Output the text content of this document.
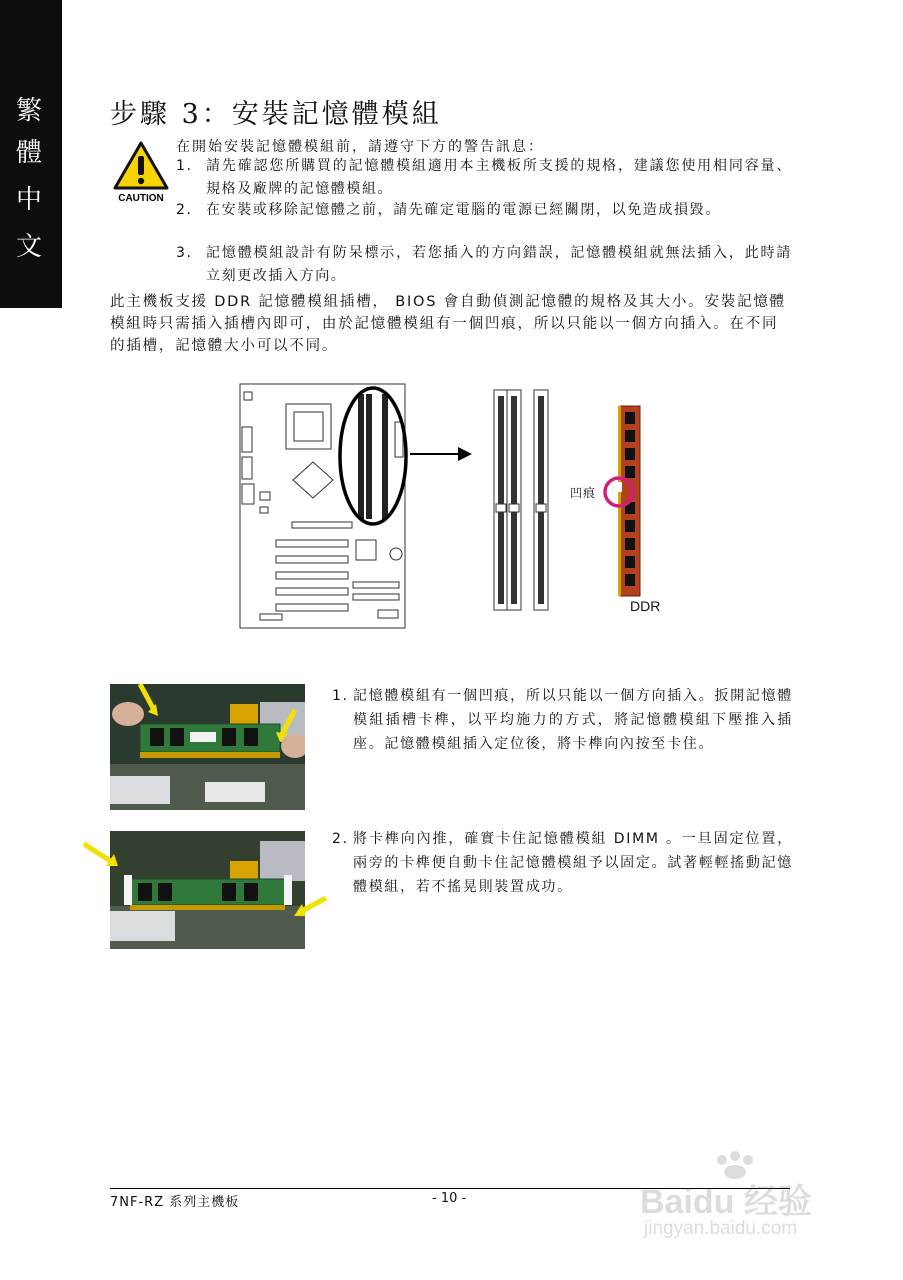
繁
體
中
文
步驟 3：安裝記憶體模組
CAUTION
在開始安裝記憶體模組前，請遵守下方的警告訊息：
1. 請先確認您所購買的記憶體模組適用本主機板所支援的規格，建議您使用相同容量、規格及廠牌的記憶體模組。
2. 在安裝或移除記憶體之前，請先確定電腦的電源已經關閉，以免造成損毀。
3. 記憶體模組設計有防呆標示，若您插入的方向錯誤，記憶體模組就無法插入，此時請立刻更改插入方向。
此主機板支援 DDR 記憶體模組插槽， BIOS 會自動偵測記憶體的規格及其大小。安裝記憶體模組時只需插入插槽內即可，由於記憶體模組有一個凹痕，所以只能以一個方向插入。在不同的插槽，記憶體大小可以不同。
凹痕
DDR
1. 記憶體模組有一個凹痕，所以只能以一個方向插入。扳開記憶體模組插槽卡榫，以平均施力的方式，將記憶體模組下壓推入插座。記憶體模組插入定位後，將卡榫向內按至卡住。
2. 將卡榫向內推，確實卡住記憶體模組 DIMM 。一旦固定位置，兩旁的卡榫便自動卡住記憶體模組予以固定。試著輕輕搖動記憶體模組，若不搖晃則裝置成功。
7NF-RZ 系列主機板	- 10 -	Baidu 经验
jingyan.baidu.com
